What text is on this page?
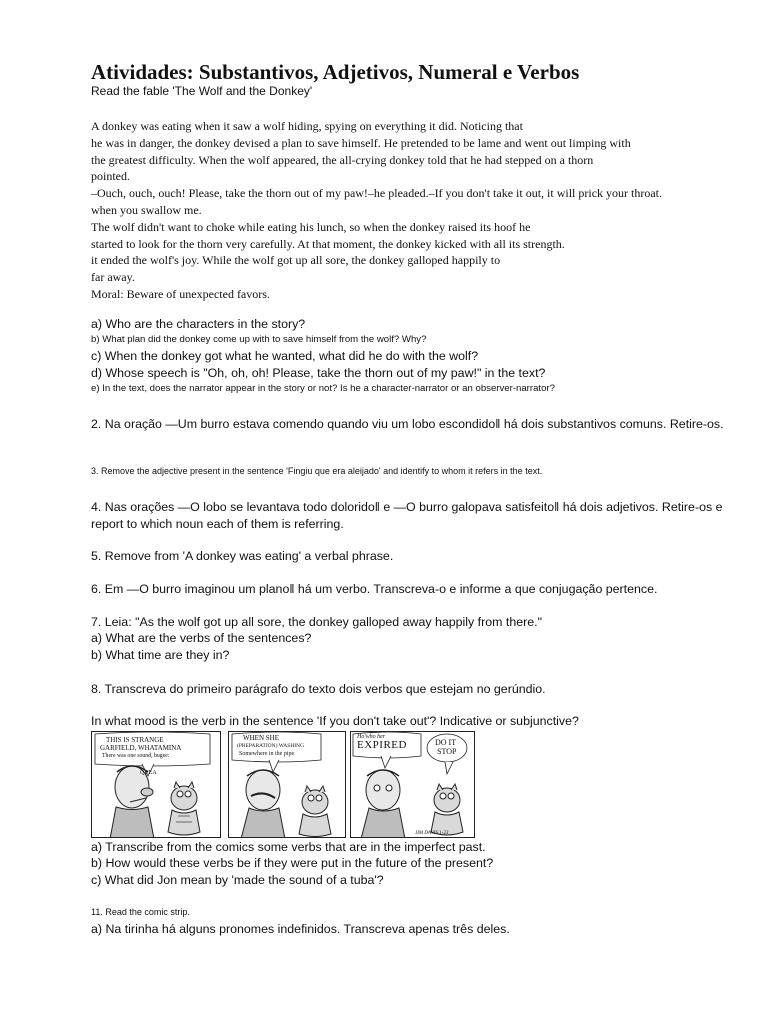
Atividades: Substantivos, Adjetivos, Numeral e Verbos
Read the fable 'The Wolf and the Donkey'
A donkey was eating when it saw a wolf hiding, spying on everything it did. Noticing that
he was in danger, the donkey devised a plan to save himself. He pretended to be lame and went out limping with
the greatest difficulty. When the wolf appeared, the all-crying donkey told that he had stepped on a thorn
pointed.
–Ouch, ouch, ouch! Please, take the thorn out of my paw!–he pleaded.–If you don't take it out, it will prick your throat.
when you swallow me.
The wolf didn't want to choke while eating his lunch, so when the donkey raised its hoof he
started to look for the thorn very carefully. At that moment, the donkey kicked with all its strength.
it ended the wolf's joy. While the wolf got up all sore, the donkey galloped happily to
far away.
Moral: Beware of unexpected favors.
a) Who are the characters in the story?
b) What plan did the donkey come up with to save himself from the wolf? Why?
c) When the donkey got what he wanted, what did he do with the wolf?
d) Whose speech is "Oh, oh, oh! Please, take the thorn out of my paw!" in the text?
e) In the text, does the narrator appear in the story or not? Is he a character-narrator or an observer-narrator?
2. Na oração —Um burro estava comendo quando viu um lobo escondido‖ há dois substantivos comuns. Retire-os.
3. Remove the adjective present in the sentence 'Fingiu que era aleijado' and identify to whom it refers in the text.
4. Nas orações —O lobo se levantava todo dolorido‖ e —O burro galopava satisfeito‖ há dois adjetivos. Retire-os e report to which noun each of them is referring.
5. Remove from 'A donkey was eating' a verbal phrase.
6. Em —O burro imaginou um plano‖ há um verbo. Transcreva-o e informe a que conjugação pertence.
7. Leia: "As the wolf got up all sore, the donkey galloped away happily from there."
a) What are the verbs of the sentences?
b) What time are they in?
8. Transcreva do primeiro parágrafo do texto dois verbos que estejam no gerúndio.
In what mood is the verb in the sentence 'If you don't take out'? Indicative or subjunctive?
THIS IS STRANGE
GARFIELD, WHATAMINA
There was one sound, bugee:
QUEA
WHEN SHE
(PREPARATION) WASHING
Somewhere in the pipe
Ho'who her
EXPIRED	DO IT
STOP
JIM DAVIS 1-23
a) Transcribe from the comics some verbs that are in the imperfect past.
b) How would these verbs be if they were put in the future of the present?
c) What did Jon mean by 'made the sound of a tuba'?
11. Read the comic strip.
a) Na tirinha há alguns pronomes indefinidos. Transcreva apenas três deles.
